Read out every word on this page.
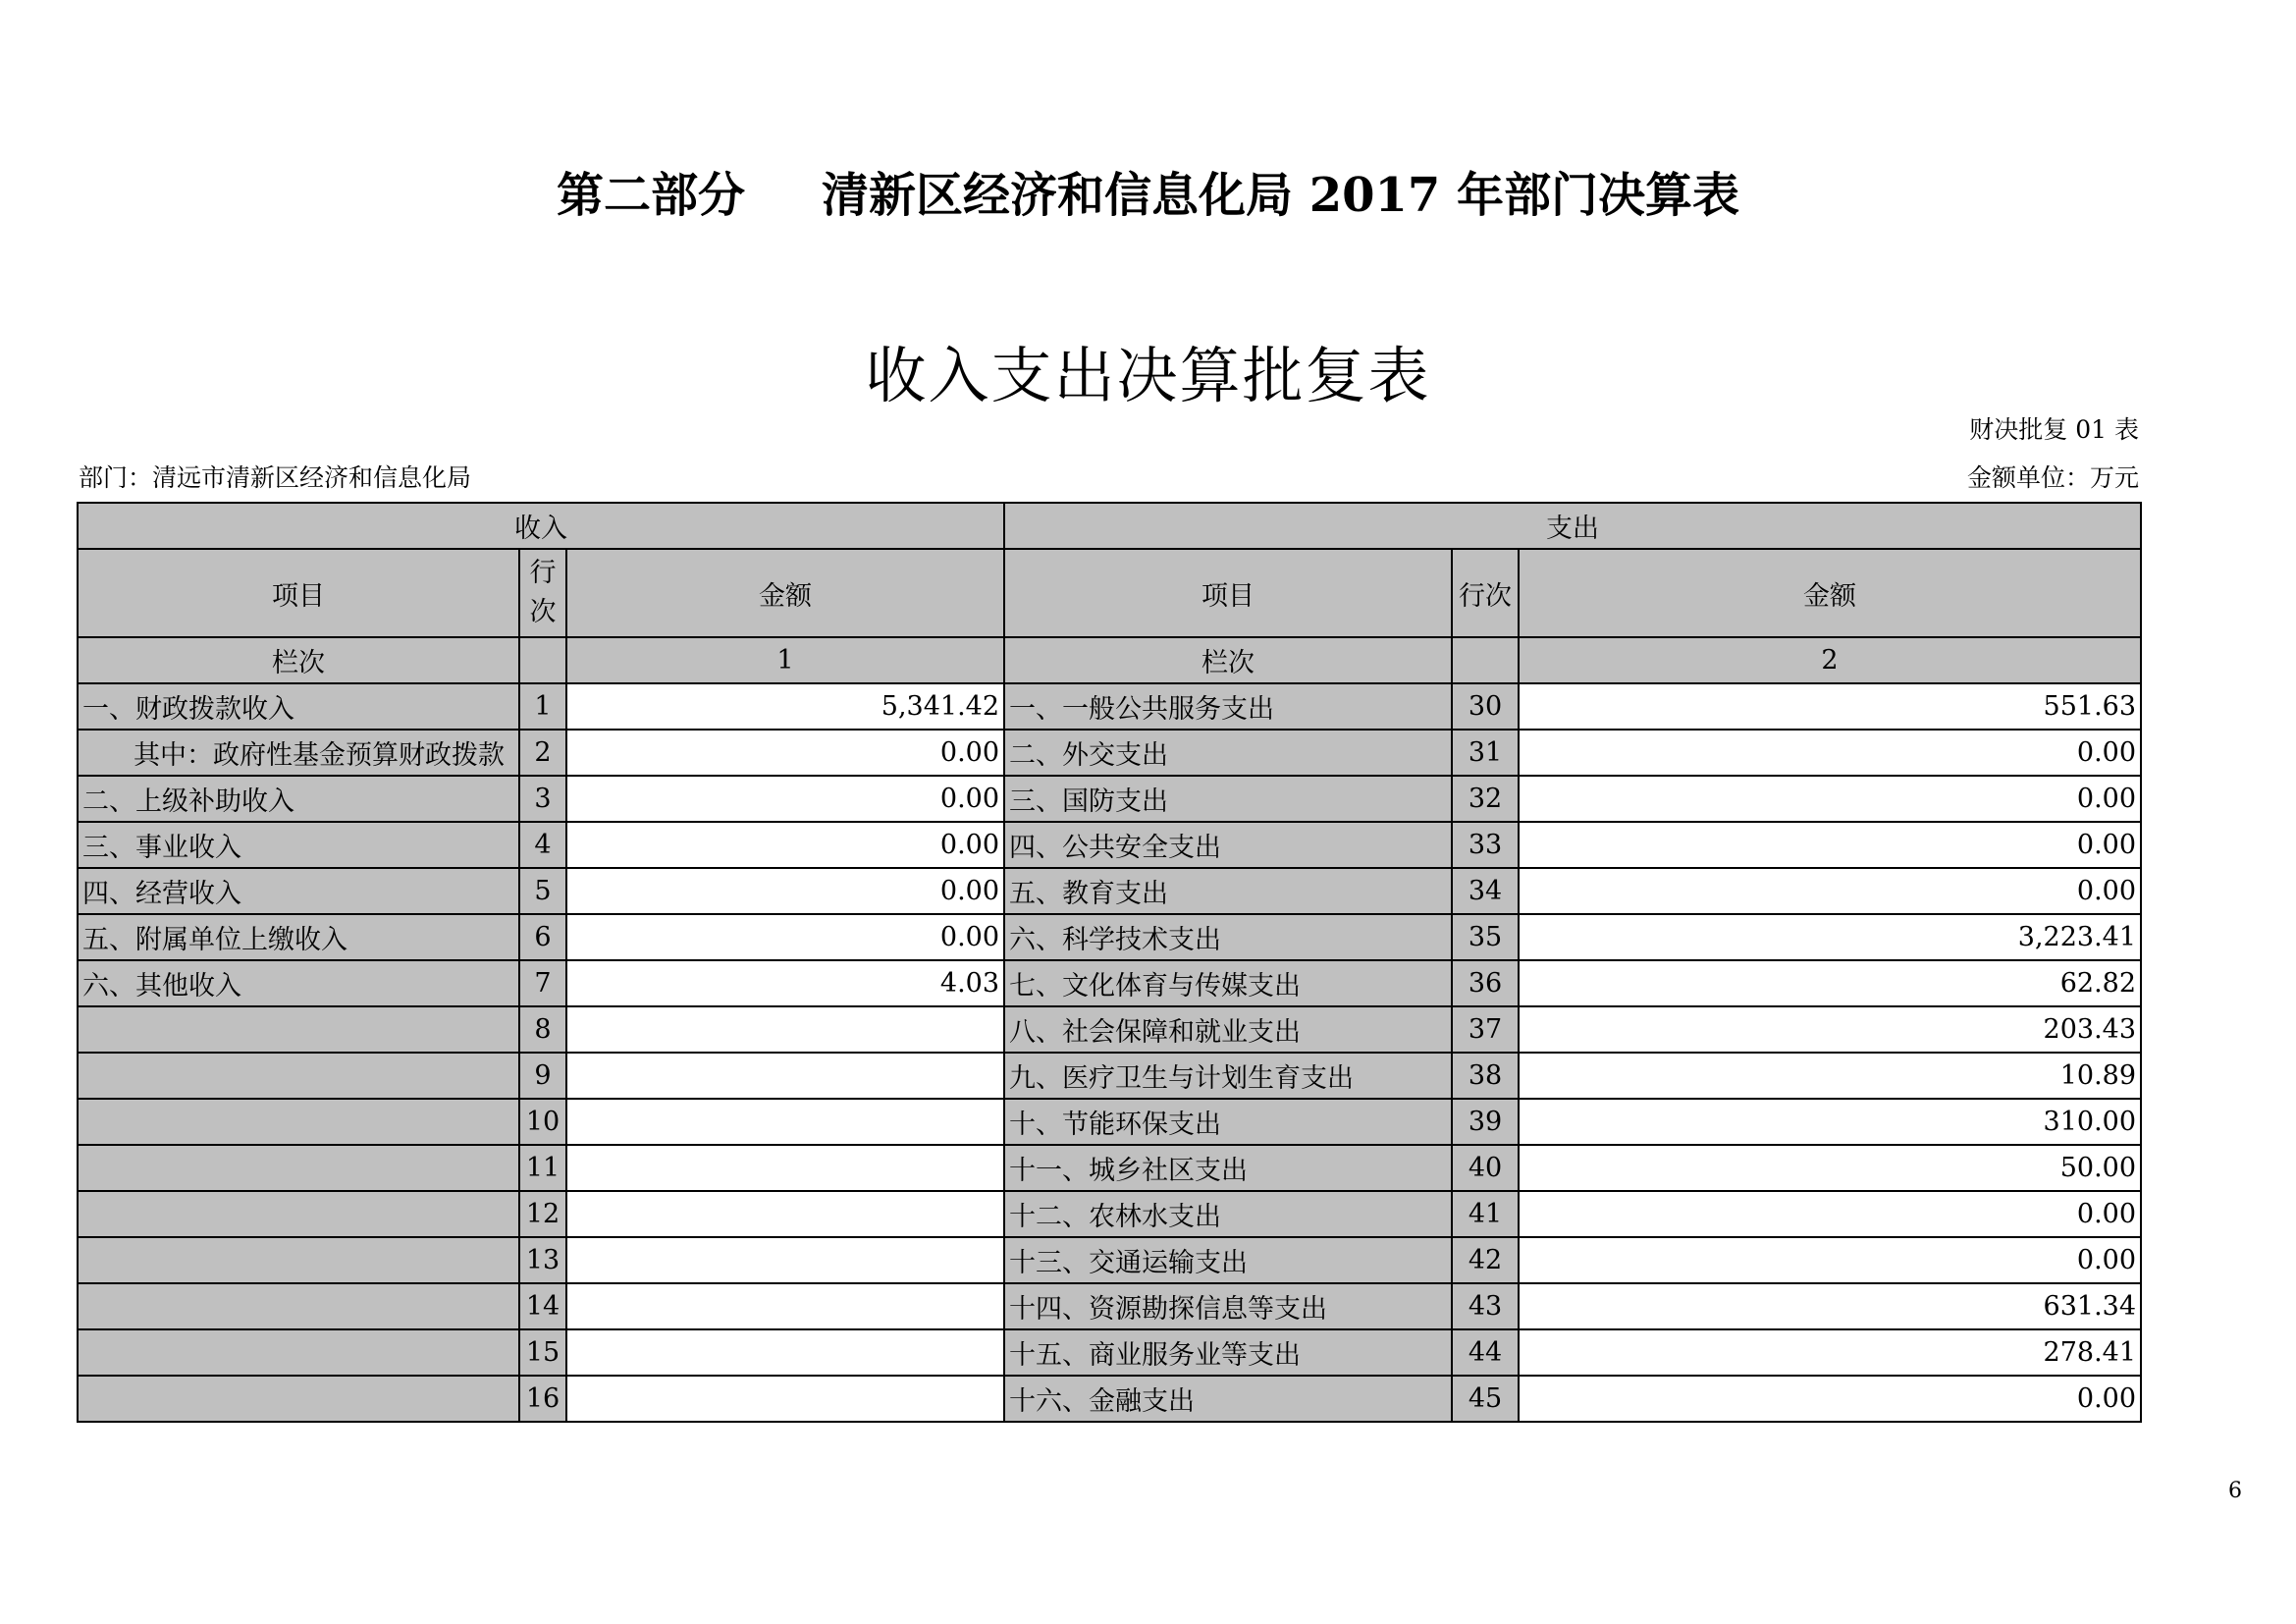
第二部分 清新区经济和信息化局 2017 年部门决算表
收入支出决算批复表
财决批复 01 表
部门：清远市清新区经济和信息化局	金额单位：万元
收入			支出		
项目	行
次	金额	项目	行次	金额
栏次		1	栏次		2
一、财政拨款收入	1	5,341.42	一、一般公共服务支出	30	551.63
其中：政府性基金预算财政拨款	2	0.00	二、外交支出	31	0.00
二、上级补助收入	3	0.00	三、国防支出	32	0.00
三、事业收入	4	0.00	四、公共安全支出	33	0.00
四、经营收入	5	0.00	五、教育支出	34	0.00
五、附属单位上缴收入	6	0.00	六、科学技术支出	35	3,223.41
六、其他收入	7	4.03	七、文化体育与传媒支出	36	62.82
	8		八、社会保障和就业支出	37	203.43
	9		九、医疗卫生与计划生育支出	38	10.89
	10		十、节能环保支出	39	310.00
	11		十一、城乡社区支出	40	50.00
	12		十二、农林水支出	41	0.00
	13		十三、交通运输支出	42	0.00
	14		十四、资源勘探信息等支出	43	631.34
	15		十五、商业服务业等支出	44	278.41
	16		十六、金融支出	45	0.00
6
